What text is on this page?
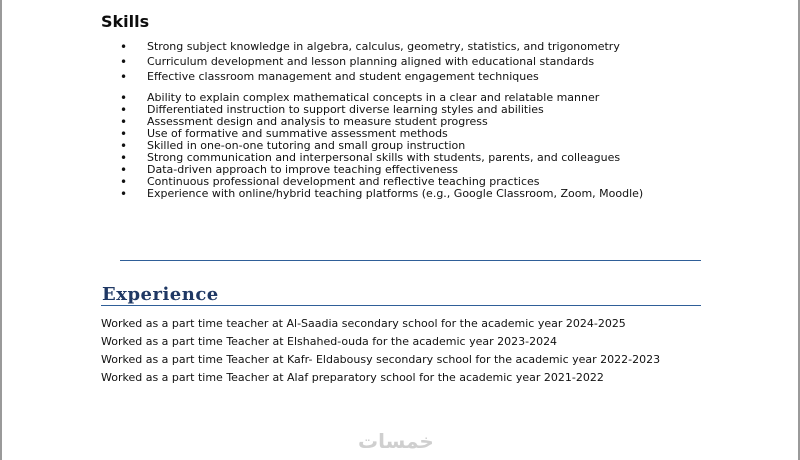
Skills
• Strong subject knowledge in algebra, calculus, geometry, statistics, and trigonometry
• Curriculum development and lesson planning aligned with educational standards
• Effective classroom management and student engagement techniques
• Ability to explain complex mathematical concepts in a clear and relatable manner
• Differentiated instruction to support diverse learning styles and abilities
• Assessment design and analysis to measure student progress
• Use of formative and summative assessment methods
• Skilled in one-on-one tutoring and small group instruction
• Strong communication and interpersonal skills with students, parents, and colleagues
• Data-driven approach to improve teaching effectiveness
• Continuous professional development and reflective teaching practices
• Experience with online/hybrid teaching platforms (e.g., Google Classroom, Zoom, Moodle)
Experience

Worked as a part time teacher at Al-Saadia secondary school for the academic year 2024-2025

Worked as a part time Teacher at Elshahed-ouda for the academic year 2023-2024

Worked as a part time Teacher at Kafr- Eldabousy secondary school for the academic year 2022-2023

Worked as a part time Teacher at Alaf preparatory school for the academic year 2021-2022

خمسات
